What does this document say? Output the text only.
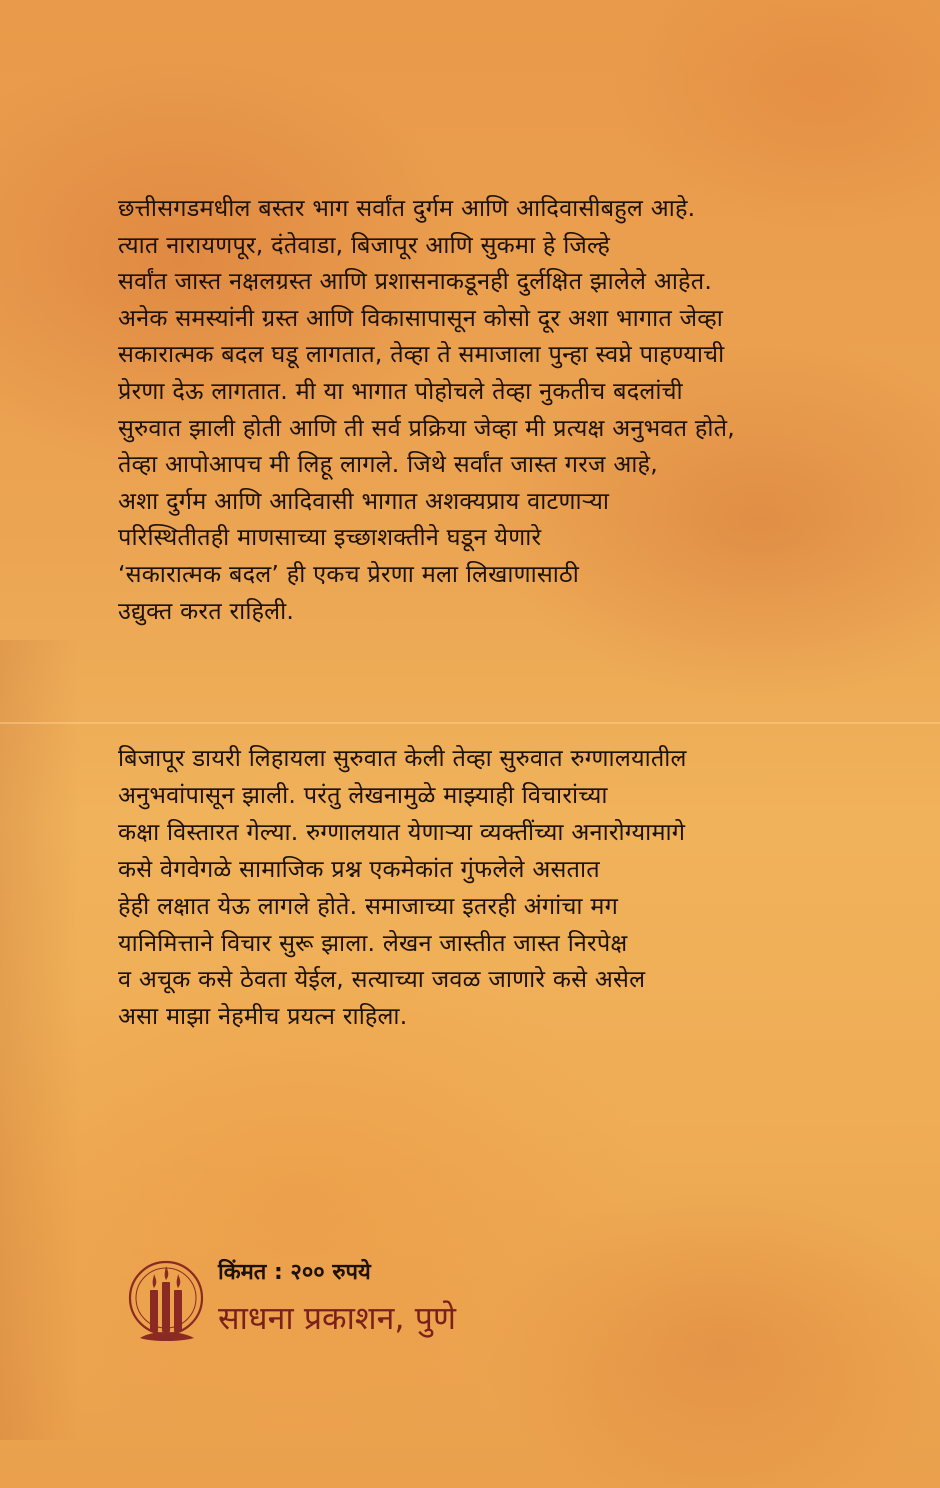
छत्तीसगडमधील बस्तर भाग सर्वांत दुर्गम आणि आदिवासीबहुल आहे.
त्यात नारायणपूर, दंतेवाडा, बिजापूर आणि सुकमा हे जिल्हे
सर्वांत जास्त नक्षलग्रस्त आणि प्रशासनाकडूनही दुर्लक्षित झालेले आहेत.
अनेक समस्यांनी ग्रस्त आणि विकासापासून कोसो दूर अशा भागात जेव्हा
सकारात्मक बदल घडू लागतात, तेव्हा ते समाजाला पुन्हा स्वप्ने पाहण्याची
प्रेरणा देऊ लागतात. मी या भागात पोहोचले तेव्हा नुकतीच बदलांची
सुरुवात झाली होती आणि ती सर्व प्रक्रिया जेव्हा मी प्रत्यक्ष अनुभवत होते,
तेव्हा आपोआपच मी लिहू लागले. जिथे सर्वांत जास्त गरज आहे,
अशा दुर्गम आणि आदिवासी भागात अशक्यप्राय वाटणाऱ्या
परिस्थितीतही माणसाच्या इच्छाशक्तीने घडून येणारे
‘सकारात्मक बदल’ ही एकच प्रेरणा मला लिखाणासाठी
उद्युक्त करत राहिली.
बिजापूर डायरी लिहायला सुरुवात केली तेव्हा सुरुवात रुग्णालयातील
अनुभवांपासून झाली. परंतु लेखनामुळे माझ्याही विचारांच्या
कक्षा विस्तारत गेल्या. रुग्णालयात येणाऱ्या व्यक्तींच्या अनारोग्यामागे
कसे वेगवेगळे सामाजिक प्रश्न एकमेकांत गुंफलेले असतात
हेही लक्षात येऊ लागले होते. समाजाच्या इतरही अंगांचा मग
यानिमित्ताने विचार सुरू झाला. लेखन जास्तीत जास्त निरपेक्ष
व अचूक कसे ठेवता येईल, सत्याच्या जवळ जाणारे कसे असेल
असा माझा नेहमीच प्रयत्न राहिला.
किंमत : २०० रुपये
साधना प्रकाशन, पुणे
